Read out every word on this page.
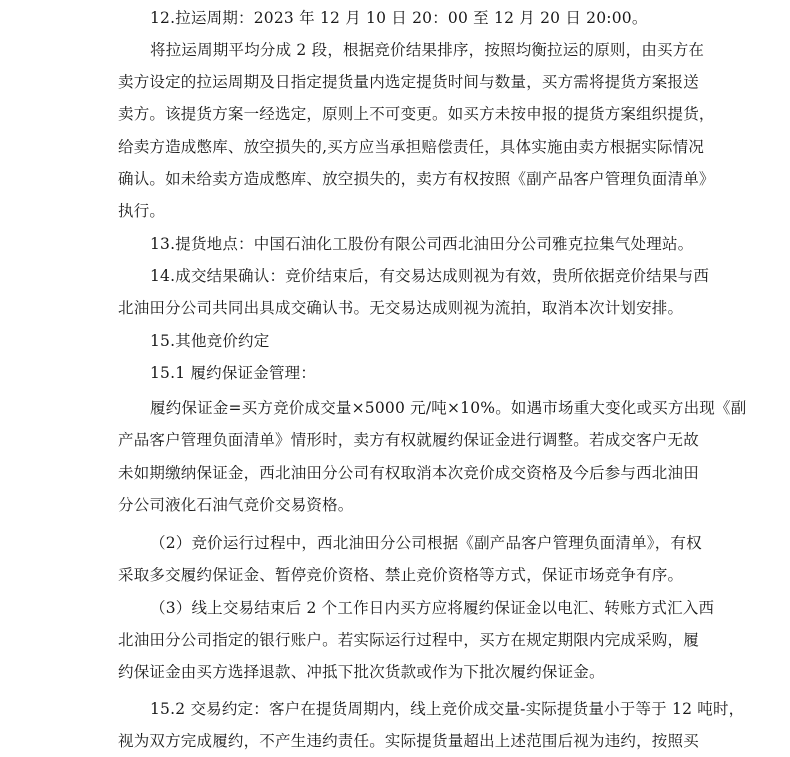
12.拉运周期：2023 年 12 月 10 日 20：00 至 12 月 20 日 20:00。
将拉运周期平均分成 2 段，根据竞价结果排序，按照均衡拉运的原则，由买方在
卖方设定的拉运周期及日指定提货量内选定提货时间与数量，买方需将提货方案报送
卖方。该提货方案一经选定，原则上不可变更。如买方未按申报的提货方案组织提货，
给卖方造成憋库、放空损失的,买方应当承担赔偿责任，具体实施由卖方根据实际情况
确认。如未给卖方造成憋库、放空损失的，卖方有权按照《副产品客户管理负面清单》
执行。
13.提货地点：中国石油化工股份有限公司西北油田分公司雅克拉集气处理站。
14.成交结果确认：竞价结束后，有交易达成则视为有效，贵所依据竞价结果与西
北油田分公司共同出具成交确认书。无交易达成则视为流拍，取消本次计划安排。
15.其他竞价约定
15.1 履约保证金管理：
履约保证金=买方竞价成交量×5000 元/吨×10%。如遇市场重大变化或买方出现《副
产品客户管理负面清单》情形时，卖方有权就履约保证金进行调整。若成交客户无故
未如期缴纳保证金，西北油田分公司有权取消本次竞价成交资格及今后参与西北油田
分公司液化石油气竞价交易资格。
（2）竞价运行过程中，西北油田分公司根据《副产品客户管理负面清单》，有权
采取多交履约保证金、暂停竞价资格、禁止竞价资格等方式，保证市场竞争有序。
（3）线上交易结束后 2 个工作日内买方应将履约保证金以电汇、转账方式汇入西
北油田分公司指定的银行账户。若实际运行过程中，买方在规定期限内完成采购，履
约保证金由买方选择退款、冲抵下批次货款或作为下批次履约保证金。
15.2 交易约定：客户在提货周期内，线上竞价成交量-实际提货量小于等于 12 吨时，
视为双方完成履约，不产生违约责任。实际提货量超出上述范围后视为违约，按照买
